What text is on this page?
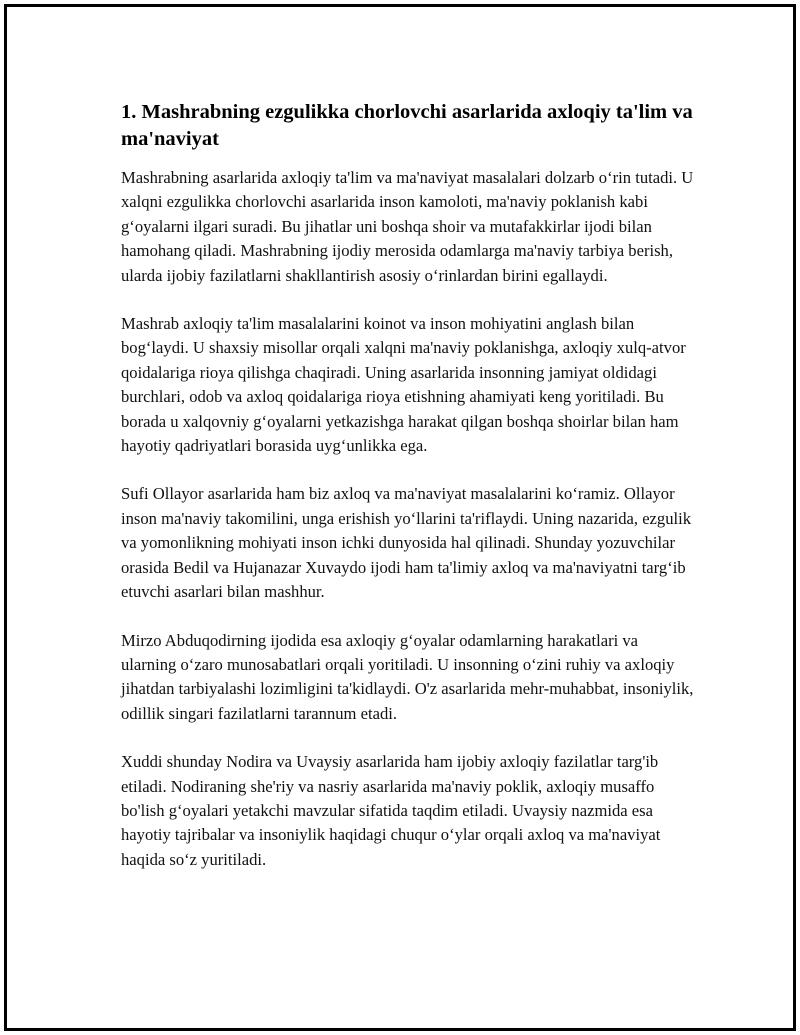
1. Mashrabning ezgulikka chorlovchi asarlarida axloqiy ta'lim va ma'naviyat

Mashrabning asarlarida axloqiy ta'lim va ma'naviyat masalalari dolzarb o‘rin tutadi. U xalqni ezgulikka chorlovchi asarlarida inson kamoloti, ma'naviy poklanish kabi g‘oyalarni ilgari suradi. Bu jihatlar uni boshqa shoir va mutafakkirlar ijodi bilan hamohang qiladi. Mashrabning ijodiy merosida odamlarga ma'naviy tarbiya berish, ularda ijobiy fazilatlarni shakllantirish asosiy o‘rinlardan birini egallaydi.

Mashrab axloqiy ta'lim masalalarini koinot va inson mohiyatini anglash bilan bog‘laydi. U shaxsiy misollar orqali xalqni ma'naviy poklanishga, axloqiy xulq-atvor qoidalariga rioya qilishga chaqiradi. Uning asarlarida insonning jamiyat oldidagi burchlari, odob va axloq qoidalariga rioya etishning ahamiyati keng yoritiladi. Bu borada u xalqovniy g‘oyalarni yetkazishga harakat qilgan boshqa shoirlar bilan ham hayotiy qadriyatlari borasida uyg‘unlikka ega.

Sufi Ollayor asarlarida ham biz axloq va ma'naviyat masalalarini ko‘ramiz. Ollayor inson ma'naviy takomilini, unga erishish yo‘llarini ta'riflaydi. Uning nazarida, ezgulik va yomonlikning mohiyati inson ichki dunyosida hal qilinadi. Shunday yozuvchilar orasida Bedil va Hujanazar Xuvaydo ijodi ham ta'limiy axloq va ma'naviyatni targ‘ib etuvchi asarlari bilan mashhur.

Mirzo Abduqodirning ijodida esa axloqiy g‘oyalar odamlarning harakatlari va ularning o‘zaro munosabatlari orqali yoritiladi. U insonning o‘zini ruhiy va axloqiy jihatdan tarbiyalashi lozimligini ta'kidlaydi. O'z asarlarida mehr-muhabbat, insoniylik, odillik singari fazilatlarni tarannum etadi.

Xuddi shunday Nodira va Uvaysiy asarlarida ham ijobiy axloqiy fazilatlar targ'ib etiladi. Nodiraning she'riy va nasriy asarlarida ma'naviy poklik, axloqiy musaffo bo'lish g‘oyalari yetakchi mavzular sifatida taqdim etiladi. Uvaysiy nazmida esa hayotiy tajribalar va insoniylik haqidagi chuqur o‘ylar orqali axloq va ma'naviyat haqida so‘z yuritiladi.
